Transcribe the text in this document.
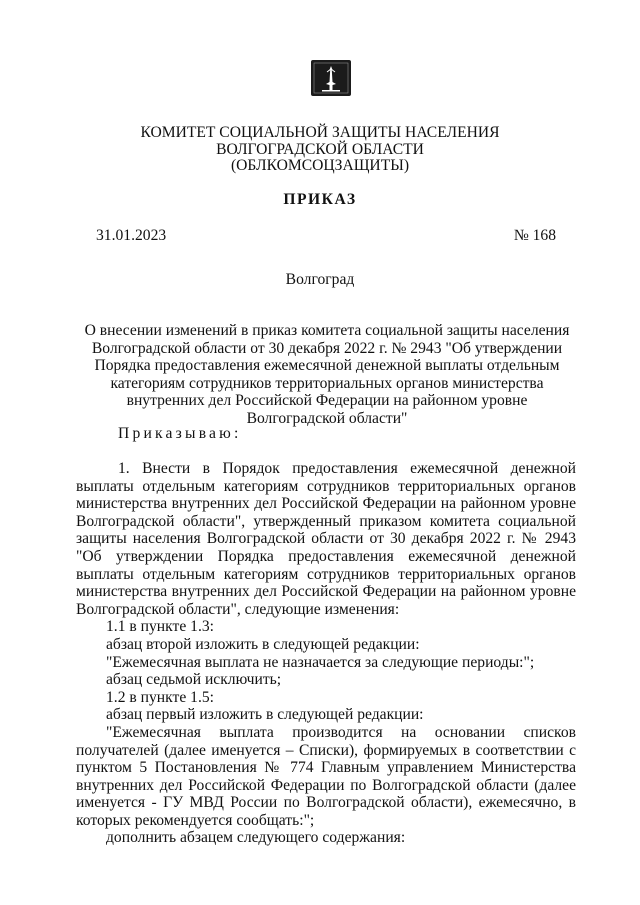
КОМИТЕТ СОЦИАЛЬНОЙ ЗАЩИТЫ НАСЕЛЕНИЯ
ВОЛГОГРАДСКОЙ ОБЛАСТИ
(ОБЛКОМСОЦЗАЩИТЫ)
ПРИКАЗ
31.01.2023	№ 168
Волгоград
О внесении изменений в приказ комитета социальной защиты населения Волгоградской области от 30 декабря 2022 г. № 2943 "Об утверждении Порядка предоставления ежемесячной денежной выплаты отдельным категориям сотрудников территориальных органов министерства внутренних дел Российской Федерации на районном уровне Волгоградской области"
Приказываю:

1. Внести в Порядок предоставления ежемесячной денежной выплаты отдельным категориям сотрудников территориальных органов министерства внутренних дел Российской Федерации на районном уровне Волгоградской области", утвержденный приказом комитета социальной защиты населения Волгоградской области от 30 декабря 2022 г. № 2943 "Об утверждении Порядка предоставления ежемесячной денежной выплаты отдельным категориям сотрудников территориальных органов министерства внутренних дел Российской Федерации на районном уровне Волгоградской области", следующие изменения:

1.1 в пункте 1.3:

абзац второй изложить в следующей редакции:

"Ежемесячная выплата не назначается за следующие периоды:";

абзац седьмой исключить;

1.2 в пункте 1.5:

абзац первый изложить в следующей редакции:

"Ежемесячная выплата производится на основании списков получателей (далее именуется – Списки), формируемых в соответствии с пунктом 5 Постановления № 774 Главным управлением Министерства внутренних дел Российской Федерации по Волгоградской области (далее именуется - ГУ МВД России по Волгоградской области), ежемесячно, в которых рекомендуется сообщать:";

дополнить абзацем следующего содержания:
